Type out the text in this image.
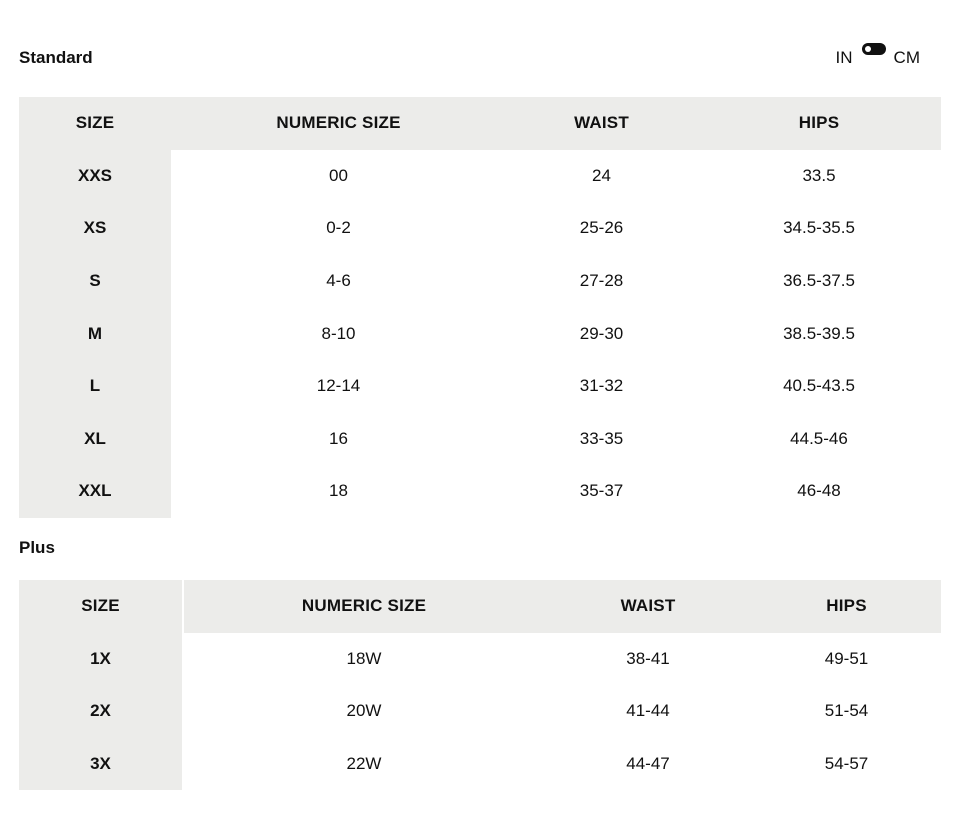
Standard	IN CM
SIZE	NUMERIC SIZE	WAIST	HIPS
XXS	00	24	33.5
XS	0-2	25-26	34.5-35.5
S	4-6	27-28	36.5-37.5
M	8-10	29-30	38.5-39.5
L	12-14	31-32	40.5-43.5
XL	16	33-35	44.5-46
XXL	18	35-37	46-48
Plus
SIZE	NUMERIC SIZE	WAIST	HIPS
1X	18W	38-41	49-51
2X	20W	41-44	51-54
3X	22W	44-47	54-57
